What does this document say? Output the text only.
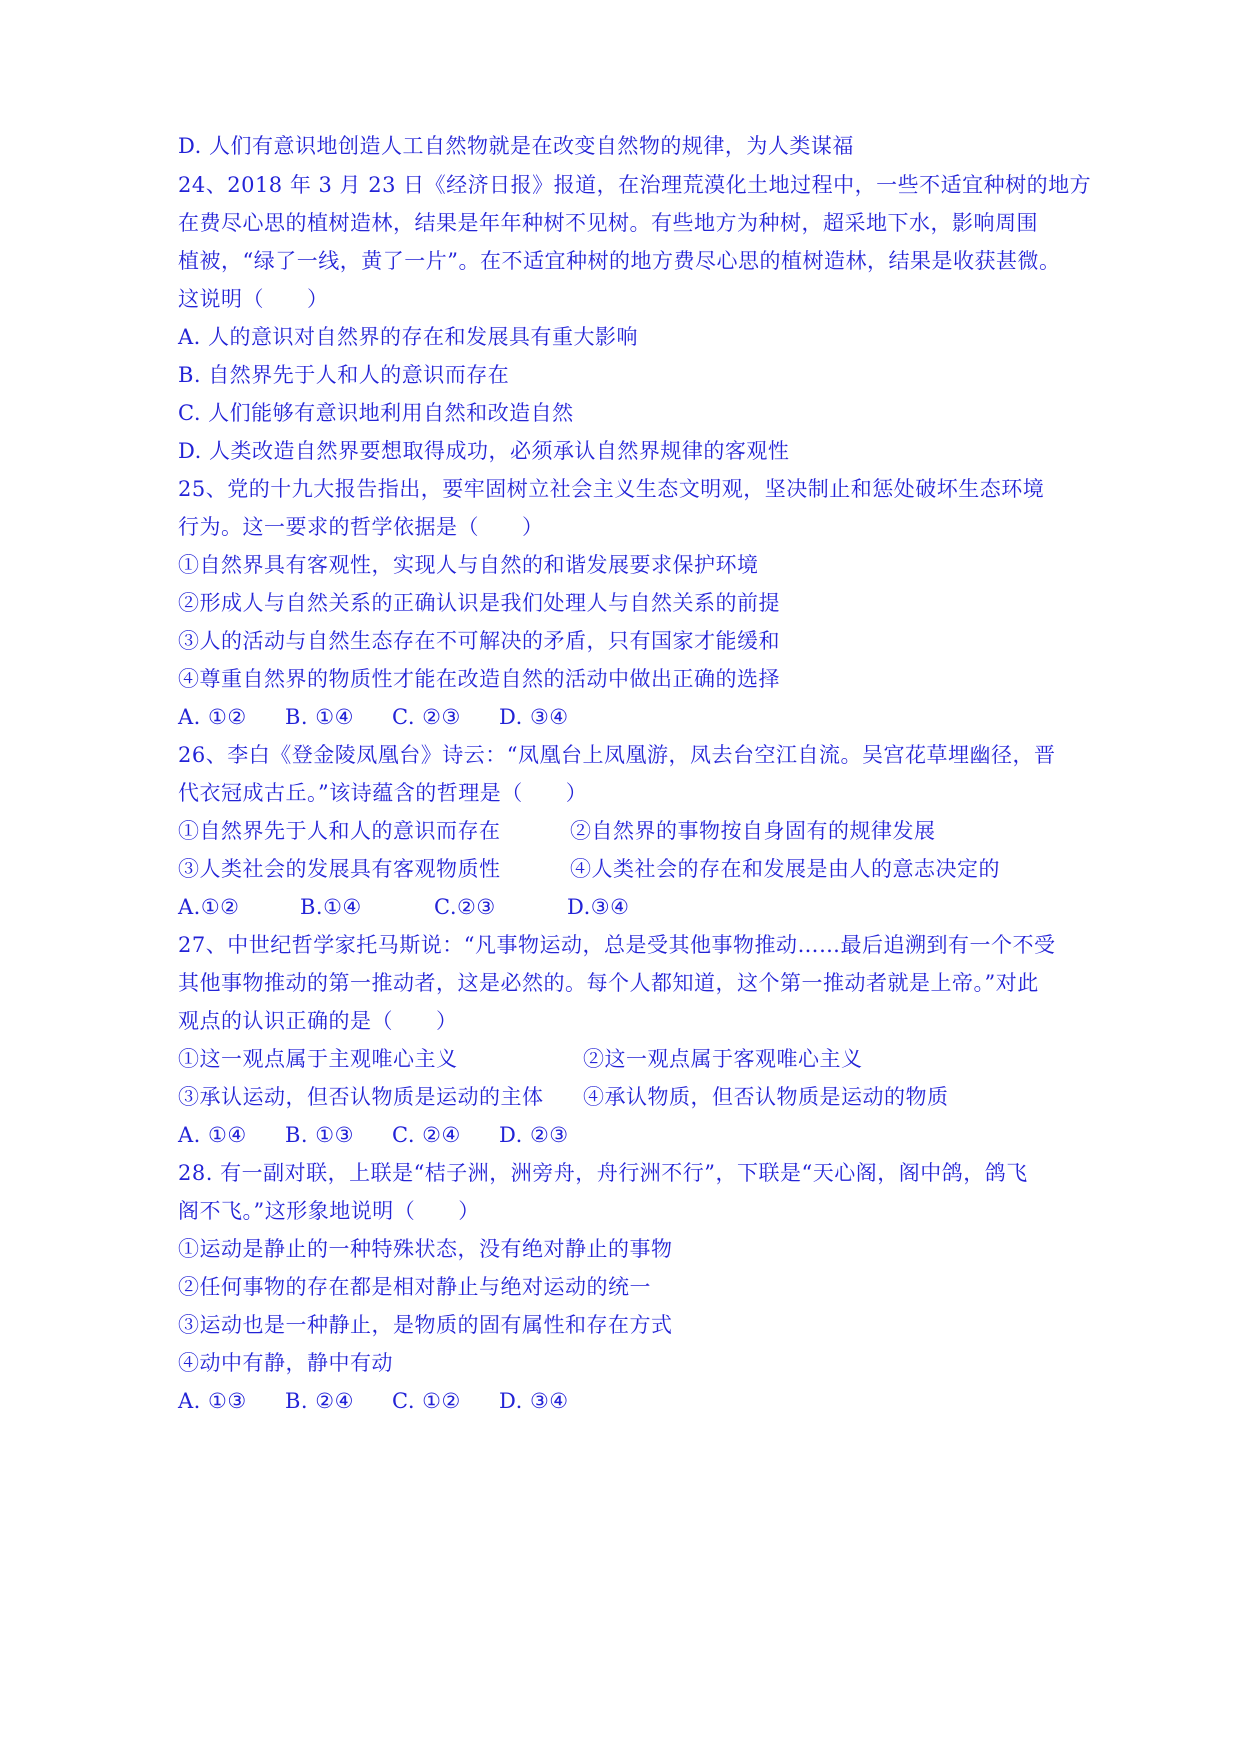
D. 人们有意识地创造人工自然物就是在改变自然物的规律，为人类谋福
24、2018 年 3 月 23 日《经济日报》报道，在治理荒漠化土地过程中，一些不适宜种树的地方
在费尽心思的植树造林，结果是年年种树不见树。有些地方为种树，超采地下水，影响周围
植被，“绿了一线，黄了一片”。在不适宜种树的地方费尽心思的植树造林，结果是收获甚微。
这说明（　　）
A. 人的意识对自然界的存在和发展具有重大影响
B. 自然界先于人和人的意识而存在
C. 人们能够有意识地利用自然和改造自然
D. 人类改造自然界要想取得成功，必须承认自然界规律的客观性
25、党的十九大报告指出，要牢固树立社会主义生态文明观，坚决制止和惩处破坏生态环境
行为。这一要求的哲学依据是（　　）
①自然界具有客观性，实现人与自然的和谐发展要求保护环境
②形成人与自然关系的正确认识是我们处理人与自然关系的前提
③人的活动与自然生态存在不可解决的矛盾，只有国家才能缓和
④尊重自然界的物质性才能在改造自然的活动中做出正确的选择
A. ①② B. ①④ C. ②③ D. ③④
26、李白《登金陵凤凰台》诗云：“凤凰台上凤凰游，凤去台空江自流。吴宫花草埋幽径，晋
代衣冠成古丘。”该诗蕴含的哲理是（　　）
①自然界先于人和人的意识而存在	②自然界的事物按自身固有的规律发展
③人类社会的发展具有客观物质性	④人类社会的存在和发展是由人的意志决定的
A.①②	B.①④	C.②③	D.③④
27、中世纪哲学家托马斯说：“凡事物运动，总是受其他事物推动……最后追溯到有一个不受
其他事物推动的第一推动者，这是必然的。每个人都知道，这个第一推动者就是上帝。”对此
观点的认识正确的是（　　）
①这一观点属于主观唯心主义	②这一观点属于客观唯心主义
③承认运动，但否认物质是运动的主体 ④承认物质，但否认物质是运动的物质
A. ①④ B. ①③ C. ②④ D. ②③
28. 有一副对联，上联是“桔子洲，洲旁舟，舟行洲不行”，下联是“天心阁，阁中鸽，鸽飞
阁不飞。”这形象地说明（　　）
①运动是静止的一种特殊状态，没有绝对静止的事物
②任何事物的存在都是相对静止与绝对运动的统一
③运动也是一种静止，是物质的固有属性和存在方式
④动中有静，静中有动
A. ①③ B. ②④ C. ①② D. ③④
